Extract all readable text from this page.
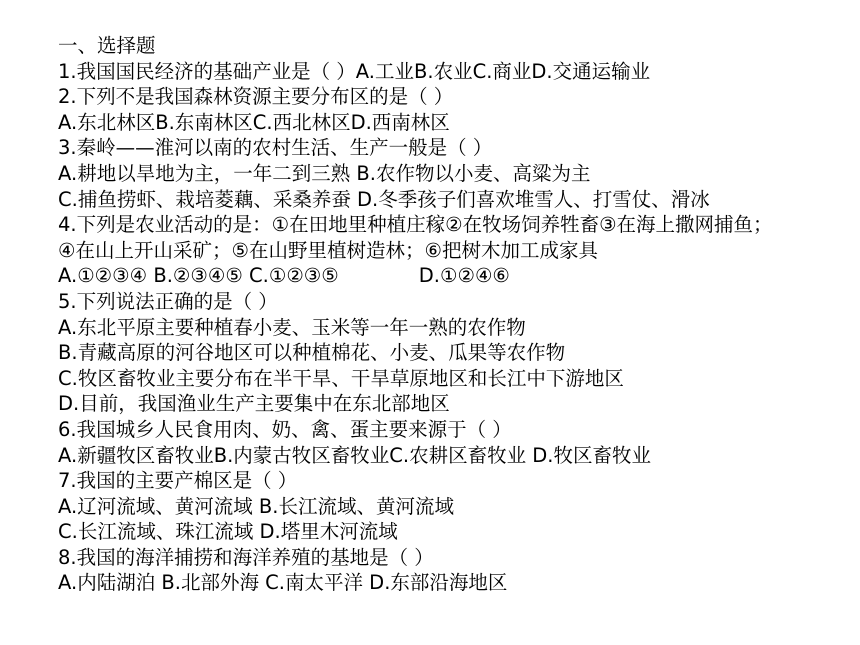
一、选择题
1.我国国民经济的基础产业是（ ）A.工业B.农业C.商业D.交通运输业
2.下列不是我国森林资源主要分布区的是（ ）
A.东北林区B.东南林区C.西北林区D.西南林区
3.秦岭——淮河以南的农村生活、生产一般是（ ）
A.耕地以旱地为主，一年二到三熟 B.农作物以小麦、高粱为主
C.捕鱼捞虾、栽培菱藕、采桑养蚕 D.冬季孩子们喜欢堆雪人、打雪仗、滑冰
4.下列是农业活动的是：①在田地里种植庄稼②在牧场饲养牲畜③在海上撒网捕鱼；
④在山上开山采矿；⑤在山野里植树造林；⑥把树木加工成家具
A.①②③④ B.②③④⑤ C.①②③⑤	D.①②④⑥
5.下列说法正确的是（ ）
A.东北平原主要种植春小麦、玉米等一年一熟的农作物
B.青藏高原的河谷地区可以种植棉花、小麦、瓜果等农作物
C.牧区畜牧业主要分布在半干旱、干旱草原地区和长江中下游地区
D.目前，我国渔业生产主要集中在东北部地区
6.我国城乡人民食用肉、奶、禽、蛋主要来源于（ ）
A.新疆牧区畜牧业B.内蒙古牧区畜牧业C.农耕区畜牧业 D.牧区畜牧业
7.我国的主要产棉区是（ ）
A.辽河流域、黄河流域 B.长江流域、黄河流域
C.长江流域、珠江流域 D.塔里木河流域
8.我国的海洋捕捞和海洋养殖的基地是（ ）
A.内陆湖泊 B.北部外海 C.南太平洋 D.东部沿海地区
